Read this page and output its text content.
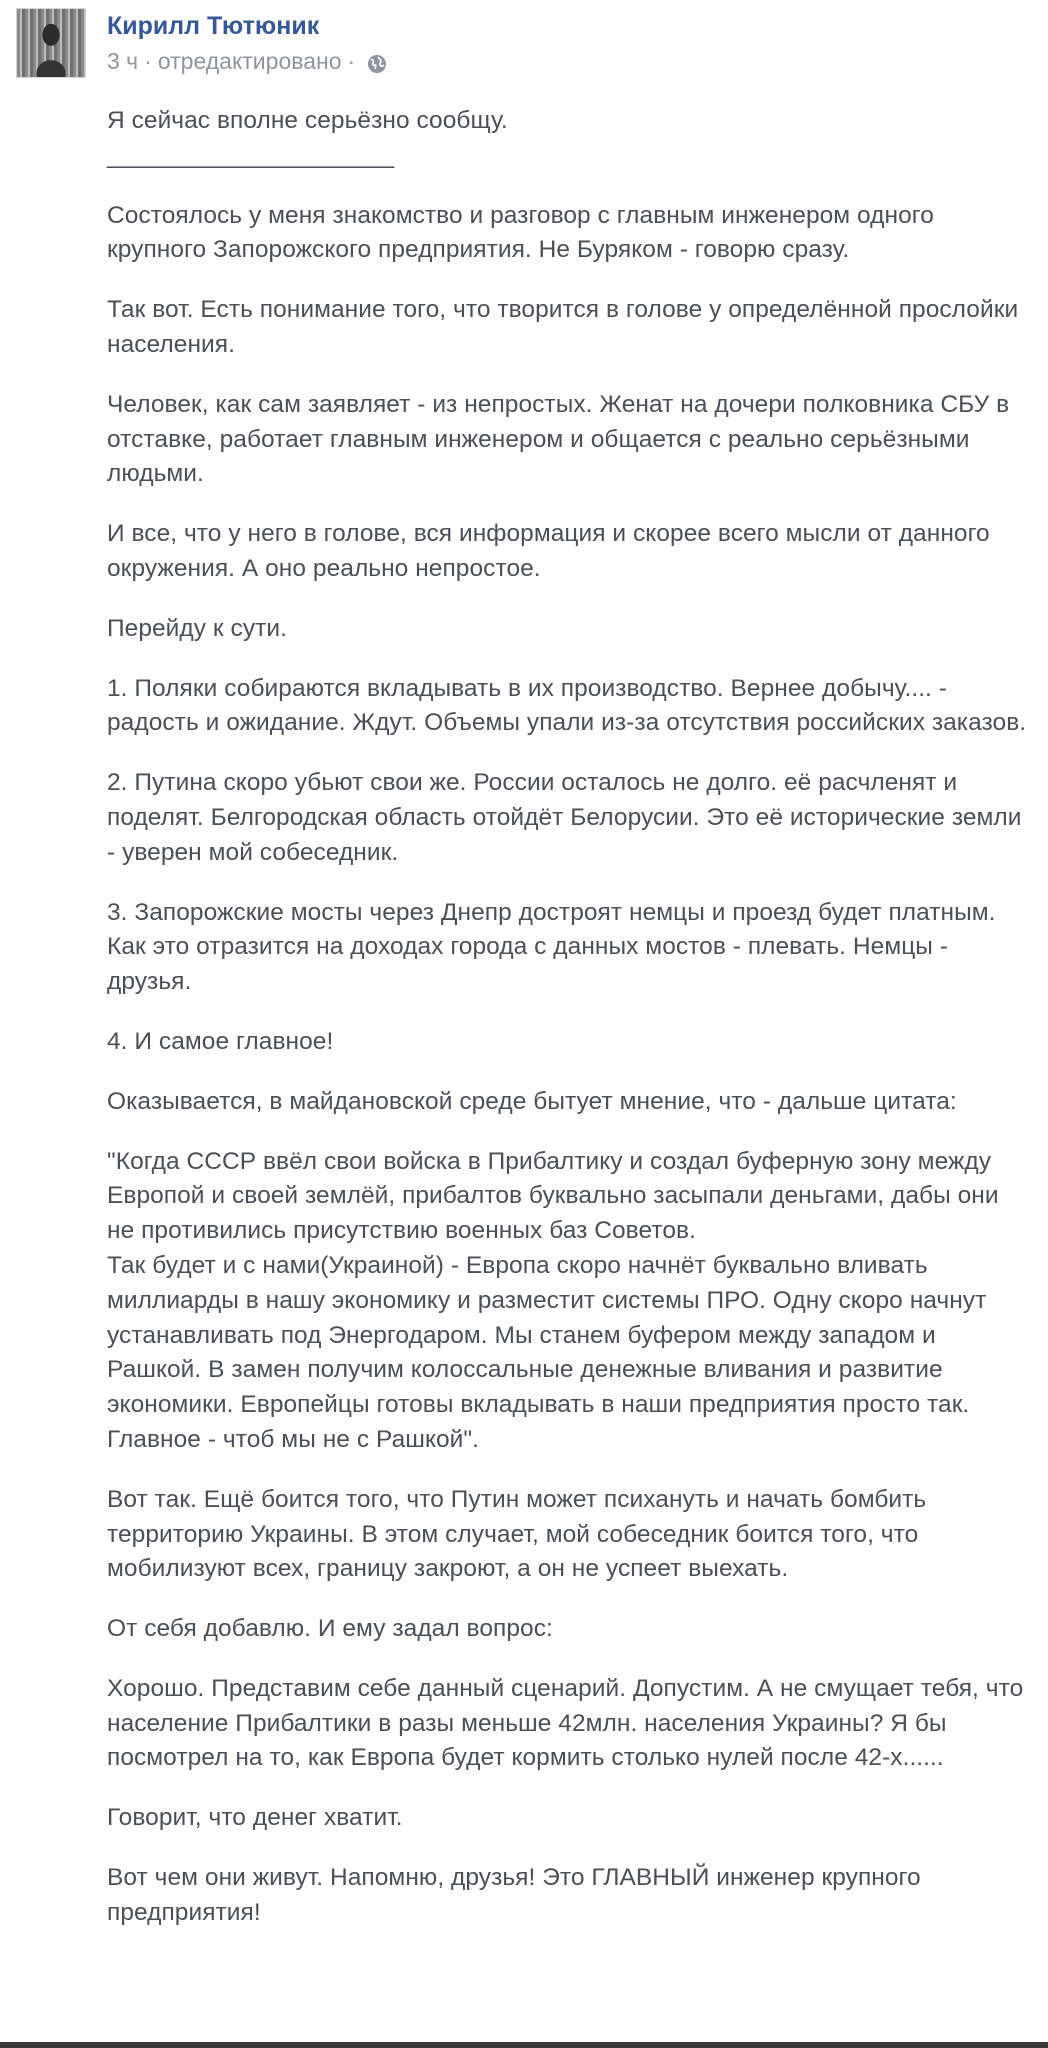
Кирилл Тютюник
3 ч · отредактировано ·

Я сейчас вполне серьёзно сообщу.
_____________________

Состоялось у меня знакомство и разговор с главным инженером одного крупного Запорожского предприятия. Не Буряком - говорю сразу.

Так вот. Есть понимание того, что творится в голове у определённой прослойки населения.

Человек, как сам заявляет - из непростых. Женат на дочери полковника СБУ в отставке, работает главным инженером и общается с реально серьёзными людьми.

И все, что у него в голове, вся информация и скорее всего мысли от данного окружения. А оно реально непростое.

Перейду к сути.

1. Поляки собираются вкладывать в их производство. Вернее добычу.... - радость и ожидание. Ждут. Объемы упали из-за отсутствия российских заказов.

2. Путина скоро убьют свои же. России осталось не долго. её расчленят и поделят. Белгородская область отойдёт Белорусии. Это её исторические земли - уверен мой собеседник.

3. Запорожские мосты через Днепр достроят немцы и проезд будет платным. Как это отразится на доходах города с данных мостов - плевать. Немцы - друзья.

4. И самое главное!

Оказывается, в майдановской среде бытует мнение, что - дальше цитата:

"Когда СССР ввёл свои войска в Прибалтику и создал буферную зону между Европой и своей землёй, прибалтов буквально засыпали деньгами, дабы они не противились присутствию военных баз Советов.
Так будет и с нами(Украиной) - Европа скоро начнёт буквально вливать миллиарды в нашу экономику и разместит системы ПРО. Одну скоро начнут устанавливать под Энергодаром. Мы станем буфером между западом и Рашкой. В замен получим колоссальные денежные вливания и развитие экономики. Европейцы готовы вкладывать в наши предприятия просто так. Главное - чтоб мы не с Рашкой".

Вот так. Ещё боится того, что Путин может психануть и начать бомбить территорию Украины. В этом случает, мой собеседник боится того, что мобилизуют всех, границу закроют, а он не успеет выехать.

От себя добавлю. И ему задал вопрос:

Хорошо. Представим себе данный сценарий. Допустим. А не смущает тебя, что население Прибалтики в разы меньше 42млн. населения Украины? Я бы посмотрел на то, как Европа будет кормить столько нулей после 42-х......

Говорит, что денег хватит.

Вот чем они живут. Напомню, друзья! Это ГЛАВНЫЙ инженер крупного предприятия!
